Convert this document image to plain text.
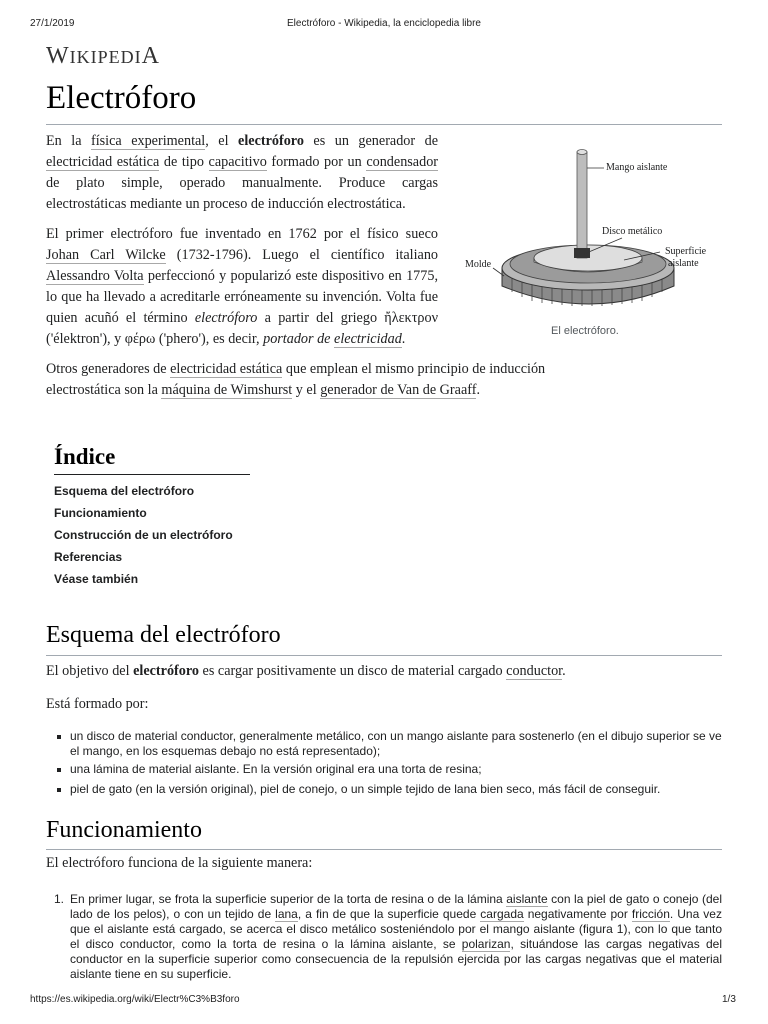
27/1/2019	Electróforo - Wikipedia, la enciclopedia libre
WIKIPEDIA
Electróforo

En la física experimental, el electróforo es un generador de electricidad estática de tipo capacitivo formado por un condensador de plato simple, operado manualmente. Produce cargas electrostáticas mediante un proceso de inducción electrostática.

El primer electróforo fue inventado en 1762 por el físico sueco Johan Carl Wilcke (1732-1796). Luego el científico italiano Alessandro Volta perfeccionó y popularizó este dispositivo en 1775, lo que ha llevado a acreditarle erróneamente su invención. Volta fue quien acuñó el término electróforo a partir del griego ἤλεκτρον ('élektron'), y φέρω ('phero'), es decir, portador de electricidad.

Mango aislante
Disco metálico
Superficie
aislante
Molde
El electróforo.

Otros generadores de electricidad estática que emplean el mismo principio de inducción electrostática son la máquina de Wimshurst y el generador de Van de Graaff.

Índice
Esquema del electróforo
Funcionamiento
Construcción de un electróforo
Referencias
Véase también
Esquema del electróforo

El objetivo del electróforo es cargar positivamente un disco de material cargado conductor.

Está formado por:

un disco de material conductor, generalmente metálico, con un mango aislante para sostenerlo (en el dibujo superior se ve el mango, en los esquemas debajo no está representado);
una lámina de material aislante. En la versión original era una torta de resina;
piel de gato (en la versión original), piel de conejo, o un simple tejido de lana bien seco, más fácil de conseguir.
Funcionamiento

El electróforo funciona de la siguiente manera:

1. En primer lugar, se frota la superficie superior de la torta de resina o de la lámina aislante con la piel de gato o conejo (del lado de los pelos), o con un tejido de lana, a fin de que la superficie quede cargada negativamente por fricción. Una vez que el aislante está cargado, se acerca el disco metálico sosteniéndolo por el mango aislante (figura 1), con lo que tanto el disco conductor, como la torta de resina o la lámina aislante, se polarizan, situándose las cargas negativas del conductor en la superficie superior como consecuencia de la repulsión ejercida por las cargas negativas que el material aislante tiene en su superficie.
https://es.wikipedia.org/wiki/Electr%C3%B3foro	1/3
